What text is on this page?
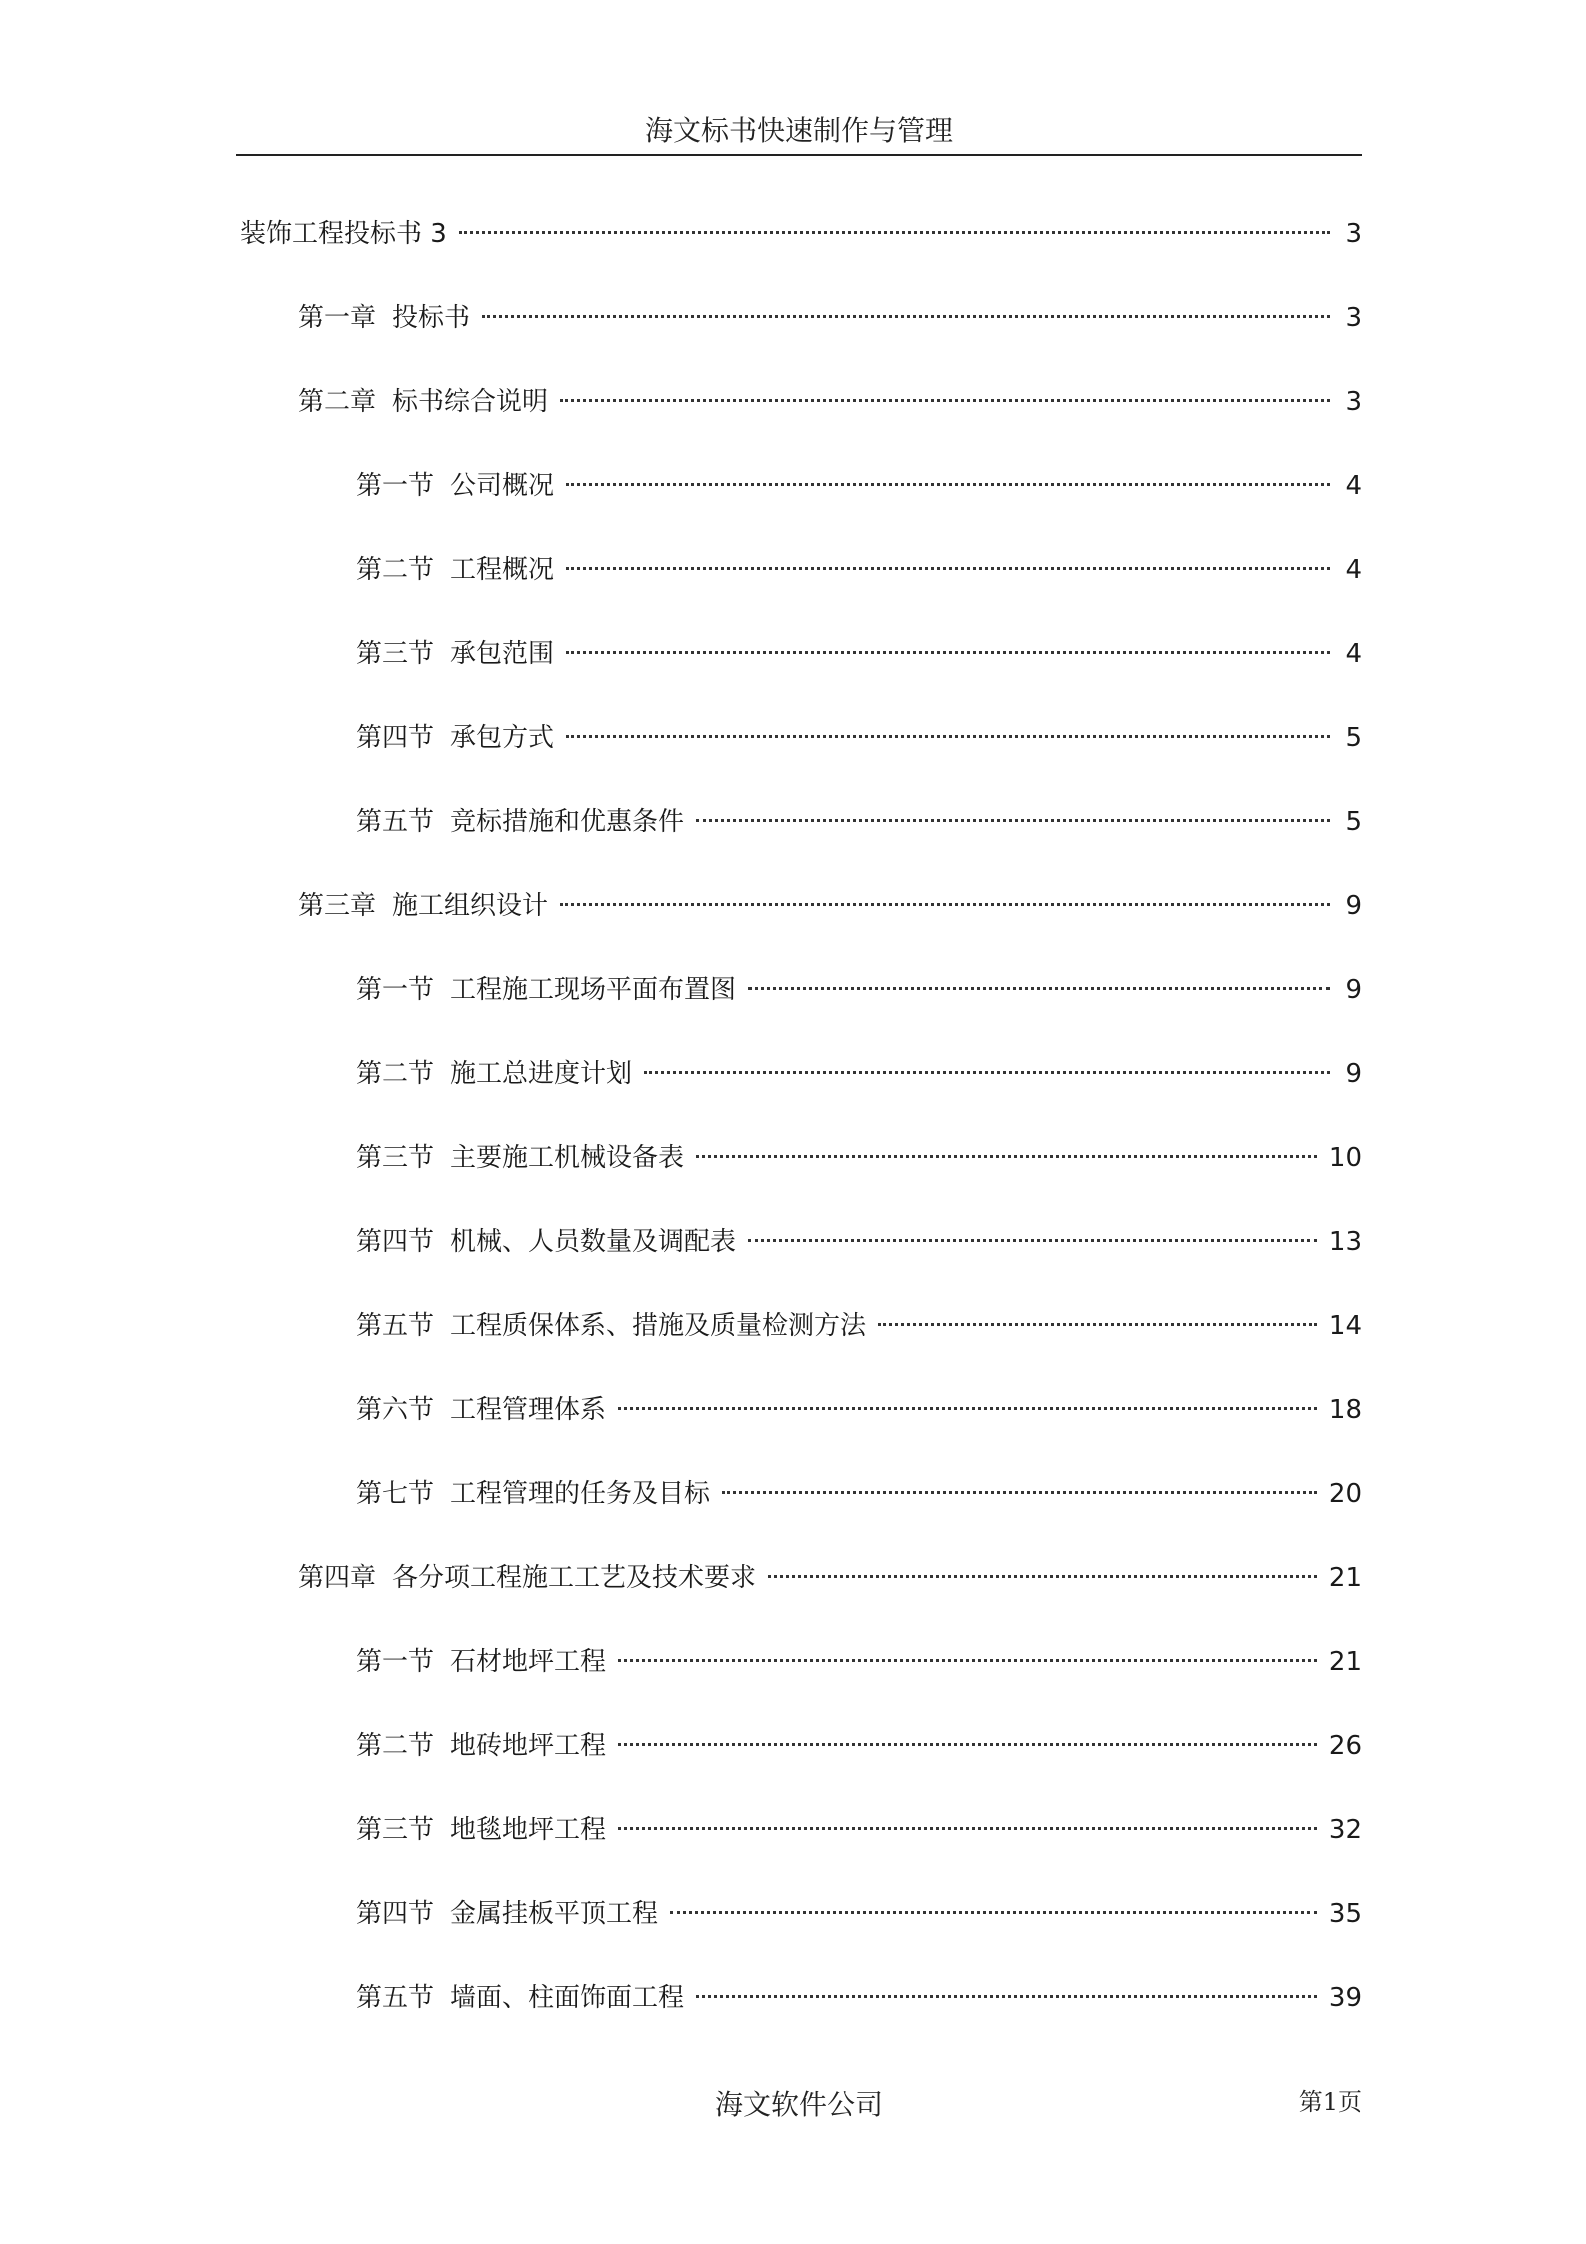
海文标书快速制作与管理
装饰工程投标书 3	3
第一章 投标书	3
第二章 标书综合说明	3
第一节 公司概况	4
第二节 工程概况	4
第三节 承包范围	4
第四节 承包方式	5
第五节 竞标措施和优惠条件	5
第三章 施工组织设计	9
第一节 工程施工现场平面布置图	9
第二节 施工总进度计划	9
第三节 主要施工机械设备表	10
第四节 机械、人员数量及调配表	13
第五节 工程质保体系、措施及质量检测方法	14
第六节 工程管理体系	18
第七节 工程管理的任务及目标	20
第四章 各分项工程施工工艺及技术要求	21
第一节 石材地坪工程	21
第二节 地砖地坪工程	26
第三节 地毯地坪工程	32
第四节 金属挂板平顶工程	35
第五节 墙面、柱面饰面工程	39
海文软件公司	第1页
